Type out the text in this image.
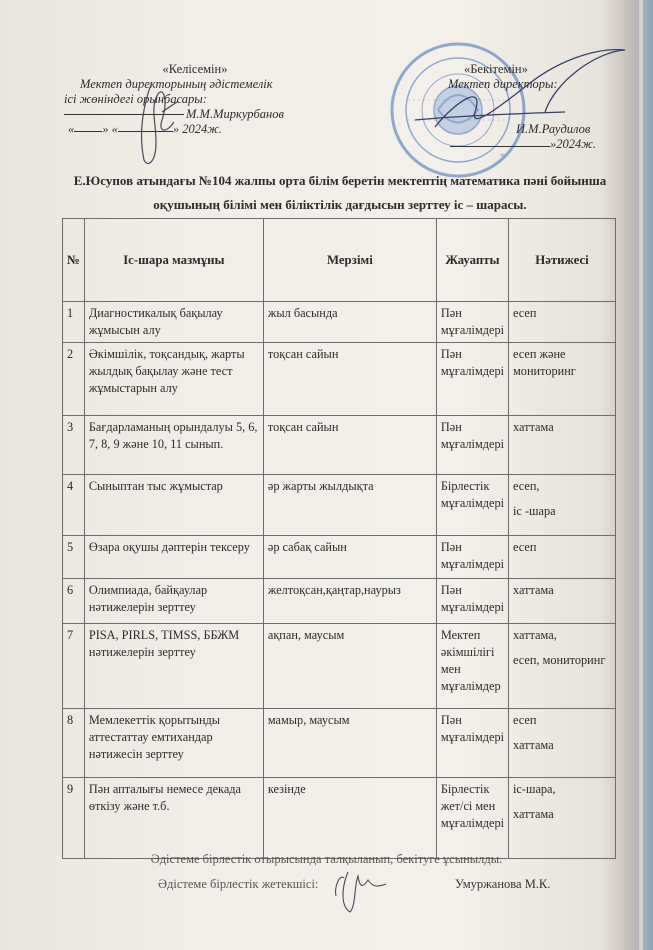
«Келісемін»
Мектеп директорының әдістемелік
ісі жөніндегі орынбасары:
М.М.Миркурбанов
« » «	» 2024ж.
*
«Бекітемін»
Мектеп директоры:
И.М.Раудилов
»2024ж.
Е.Юсупов атындағы №104 жалпы орта білім беретін мектептің математика пәні бойынша
оқушының білімі мен біліктілік дағдысын зерттеу іс – шарасы.
№	Іс-шара мазмұны	Мерзімі	Жауапты	Нәтижесі
1	Диагностикалық бақылау жұмысын алу	жыл басында	Пән мұғалімдері	есеп
2	Әкімшілік, тоқсандық, жарты жылдық бақылау және тест жұмыстарын алу	тоқсан сайын	Пән мұғалімдері	есеп және мониторинг
3	Бағдарламаның орындалуы 5, 6, 7, 8, 9 және 10, 11 сынып.	тоқсан сайын	Пән мұғалімдері	хаттама
4	Сыныптан тыс жұмыстар	әр жарты жылдықта	Бірлестік мұғалімдері	есеп,
іс -шара
5	Өзара оқушы дәптерін тексеру	әр сабақ сайын	Пән мұғалімдері	есеп
6	Олимпиада, байқаулар нәтижелерін зерттеу	желтоқсан,қаңтар,наурыз	Пән мұғалімдері	хаттама
7	PISA, PIRLS, TIMSS, ББЖМ нәтижелерін зерттеу	ақпан, маусым	Мектеп әкімшілігі мен мұғалімдер	хаттама,
есеп, мониторинг
8	Мемлекеттік қорытынды аттестаттау емтихандар нәтижесін зерттеу	мамыр, маусым	Пән мұғалімдері	есеп
хаттама
9	Пән апталығы немесе декада өткізу және т.б.	кезінде	Бірлестік жет/сі мен мұғалімдері	іс-шара,
хаттама
Әдістеме бірлестік отырысында талқыланып, бекітуге ұсынылды.
Әдістеме бірлестік жетекшісі:	Умуржанова М.К.
